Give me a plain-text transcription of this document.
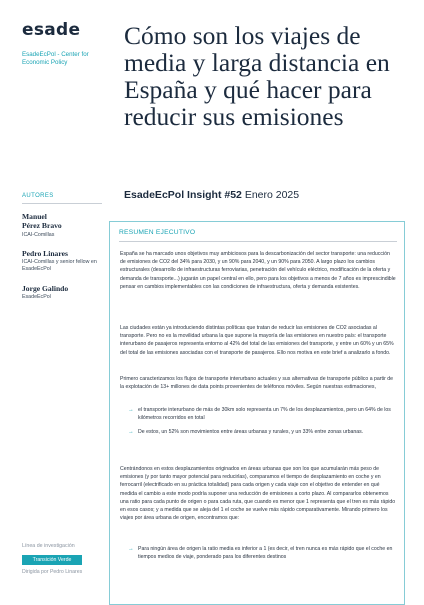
esade
EsadeEcPol - Center for Economic Policy
AUTORES
Manuel
Pérez Bravo
ICAI-Comillas
Pedro Linares
ICAI-Comillas y senior fellow en EsadeEcPol
Jorge Galindo
EsadeEcPol
Línea de investigación
Transición Verde
Dirigida por Pedro Linares
Cómo son los viajes de media y larga distancia en España y qué hacer para reducir sus emisiones
EsadeEcPol Insight #52 Enero 2025
RESUMEN EJECUTIVO
España se ha marcado unos objetivos muy ambiciosos para la descarbonización del sector transporte: una reducción de emisiones de CO2 del 34% para 2030, y un 90% para 2040, y un 90% para 2050. A largo plazo los cambios estructurales (desarrollo de infraestructuras ferroviarias, penetración del vehículo eléctrico, modificación de la oferta y demanda de transporte...) jugarán un papel central en ello, pero para los objetivos a menos de 7 años es imprescindible pensar en cambios implementables con las condiciones de infraestructura, oferta y demanda existentes.
Las ciudades están ya introduciendo distintas políticas que tratan de reducir las emisiones de CO2 asociadas al transporte. Pero no es la movilidad urbana la que supone la mayoría de las emisiones en nuestro país: el transporte interurbano de pasajeros representa entorno al 42% del total de las emisiones del transporte, y entre un 60% y un 65% del total de las emisiones asociadas con el transporte de pasajeros. Ello nos motiva en este brief a analizarlo a fondo.
Primero caracterizamos los flujos de transporte interurbano actuales y sus alternativas de transporte público a partir de la explotación de 13+ millones de data points provenientes de teléfonos móviles. Según nuestras estimaciones,
→ el transporte interurbano de más de 30km solo representa un 7% de los desplazamientos, pero un 64% de los kilómetros recorridos en total
→ De estos, un 52% son movimientos entre áreas urbanas y rurales, y un 33% entre zonas urbanas.
Centrándonos en estos desplazamientos originados en áreas urbanas que son los que acumularán más peso de emisiones (y por tanto mayor potencial para reducirlas), comparamos el tiempo de desplazamiento en coche y en ferrocarril (electrificado en su práctica totalidad) para cada origen y cada viaje con el objetivo de entender en qué medida el cambio a este modo podría suponer una reducción de emisiones a corto plazo. Al compararlos obtenemos una ratio para cada punto de origen o para cada ruta, que cuando es menor que 1 representa que el tren es más rápido en esos casos; y a medida que se aleja del 1 el coche se vuelve más rápido comparativamente. Mirando primero los viajes por área urbana de origen, encontramos que:
→ Para ningún área de origen la ratio media es inferior a 1 (es decir, el tren nunca es más rápido que el coche en tiempos medios de viaje, ponderado para los diferentes destinos
